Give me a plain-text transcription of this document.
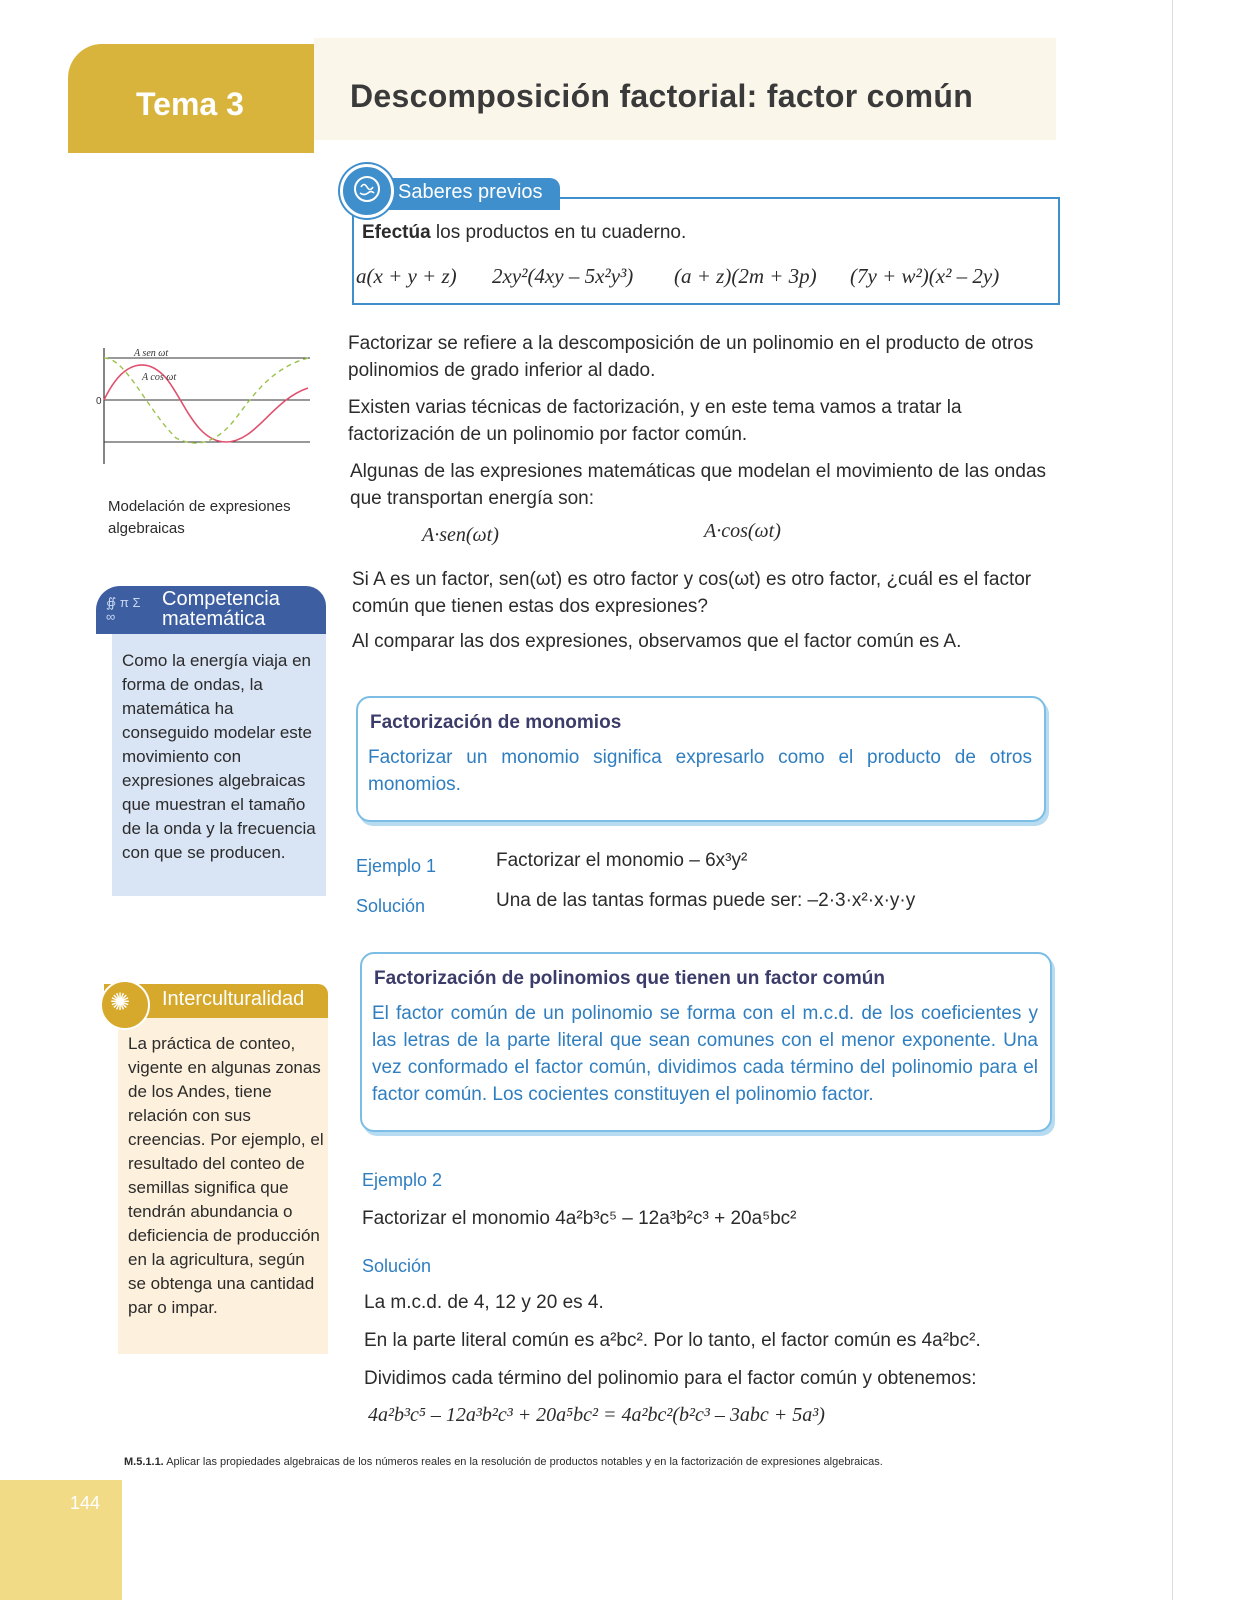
Tema 3	Descomposición factorial: factor común
Saberes previos
Efectúa los productos en tu cuaderno.
a(x + y + z) 2xy²(4xy – 5x²y³) (a + z)(2m + 3p) (7y + w²)(x² – 2y)
A sen ωt
A cos ωt
0
Modelación de expresiones algebraicas
∯ π Σ ∞
Competencia matemática
Como la energía viaja en forma de ondas, la matemática ha conseguido modelar este movimiento con expresiones algebraicas que muestran el tamaño de la onda y la frecuencia con que se producen.
✺ Interculturalidad
La práctica de conteo, vigente en algunas zonas de los Andes, tiene relación con sus creencias. Por ejemplo, el resultado del conteo de semillas significa que tendrán abundancia o deficiencia de producción en la agricultura, según se obtenga una cantidad par o impar.
Factorizar se refiere a la descomposición de un polinomio en el producto de otros polinomios de grado inferior al dado.
Existen varias técnicas de factorización, y en este tema vamos a tratar la factorización de un polinomio por factor común.
Algunas de las expresiones matemáticas que modelan el movimiento de las ondas que transportan energía son:
A·sen(ωt)	A·cos(ωt)
Si A es un factor, sen(ωt) es otro factor y cos(ωt) es otro factor, ¿cuál es el factor común que tienen estas dos expresiones?
Al comparar las dos expresiones, observamos que el factor común es A.
Factorización de monomios
Factorizar un monomio significa expresarlo como el producto de otros monomios.
Ejemplo 1	Factorizar el monomio – 6x³y²
Solución	Una de las tantas formas puede ser: –2·3·x²·x·y·y
Factorización de polinomios que tienen un factor común
El factor común de un polinomio se forma con el m.c.d. de los coeficientes y las letras de la parte literal que sean comunes con el menor exponente. Una vez conformado el factor común, dividimos cada término del polinomio para el factor común. Los cocientes constituyen el polinomio factor.
Ejemplo 2
Factorizar el monomio 4a²b³c⁵ – 12a³b²c³ + 20a⁵bc²
Solución
La m.c.d. de 4, 12 y 20 es 4.
En la parte literal común es a²bc². Por lo tanto, el factor común es 4a²bc².
Dividimos cada término del polinomio para el factor común y obtenemos:
4a²b³c⁵ – 12a³b²c³ + 20a⁵bc² = 4a²bc²(b²c³ – 3abc + 5a³)
M.5.1.1. Aplicar las propiedades algebraicas de los números reales en la resolución de productos notables y en la factorización de expresiones algebraicas.
144
